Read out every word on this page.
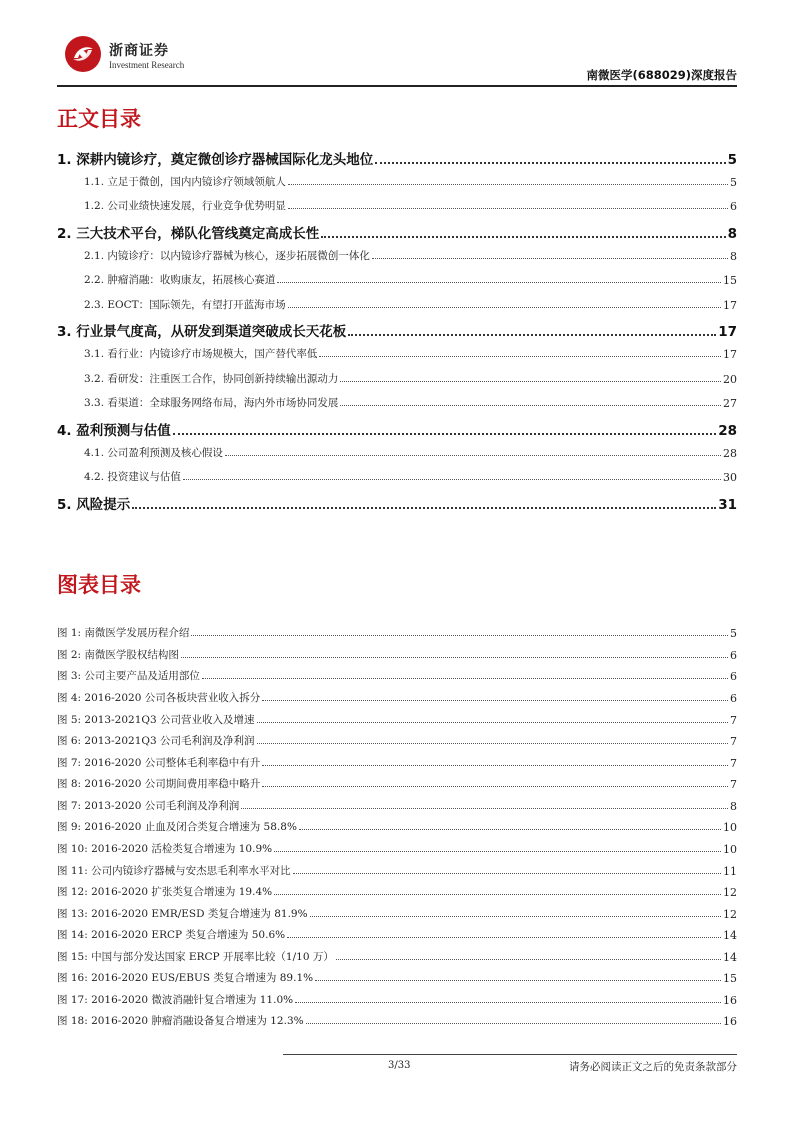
浙商证券
Investment Research
南微医学(688029)深度报告
正文目录
1. 深耕内镜诊疗，奠定微创诊疗器械国际化龙头地位	5
1.1. 立足于微创，国内内镜诊疗领域领航人	5
1.2. 公司业绩快速发展，行业竞争优势明显	6
2. 三大技术平台，梯队化管线奠定高成长性	8
2.1. 内镜诊疗：以内镜诊疗器械为核心，逐步拓展微创一体化	8
2.2. 肿瘤消融：收购康友，拓展核心赛道	15
2.3. EOCT：国际领先，有望打开蓝海市场	17
3. 行业景气度高，从研发到渠道突破成长天花板	17
3.1. 看行业：内镜诊疗市场规模大，国产替代率低	17
3.2. 看研发：注重医工合作，协同创新持续输出源动力	20
3.3. 看渠道：全球服务网络布局，海内外市场协同发展	27
4. 盈利预测与估值	28
4.1. 公司盈利预测及核心假设	28
4.2. 投资建议与估值	30
5. 风险提示	31
图表目录
图 1: 南微医学发展历程介绍	5
图 2: 南微医学股权结构图	6
图 3: 公司主要产品及适用部位	6
图 4: 2016-2020 公司各板块营业收入拆分	6
图 5: 2013-2021Q3 公司营业收入及增速	7
图 6: 2013-2021Q3 公司毛利润及净利润	7
图 7: 2016-2020 公司整体毛利率稳中有升	7
图 8: 2016-2020 公司期间费用率稳中略升	7
图 7: 2013-2020 公司毛利润及净利润	8
图 9: 2016-2020 止血及闭合类复合增速为 58.8%	10
图 10: 2016-2020 活检类复合增速为 10.9%	10
图 11: 公司内镜诊疗器械与安杰思毛利率水平对比	11
图 12: 2016-2020 扩张类复合增速为 19.4%	12
图 13: 2016-2020 EMR/ESD 类复合增速为 81.9%	12
图 14: 2016-2020 ERCP 类复合增速为 50.6%	14
图 15: 中国与部分发达国家 ERCP 开展率比较（1/10 万）	14
图 16: 2016-2020 EUS/EBUS 类复合增速为 89.1%	15
图 17: 2016-2020 微波消融针复合增速为 11.0%	16
图 18: 2016-2020 肿瘤消融设备复合增速为 12.3%	16
3/33	请务必阅读正文之后的免责条款部分
